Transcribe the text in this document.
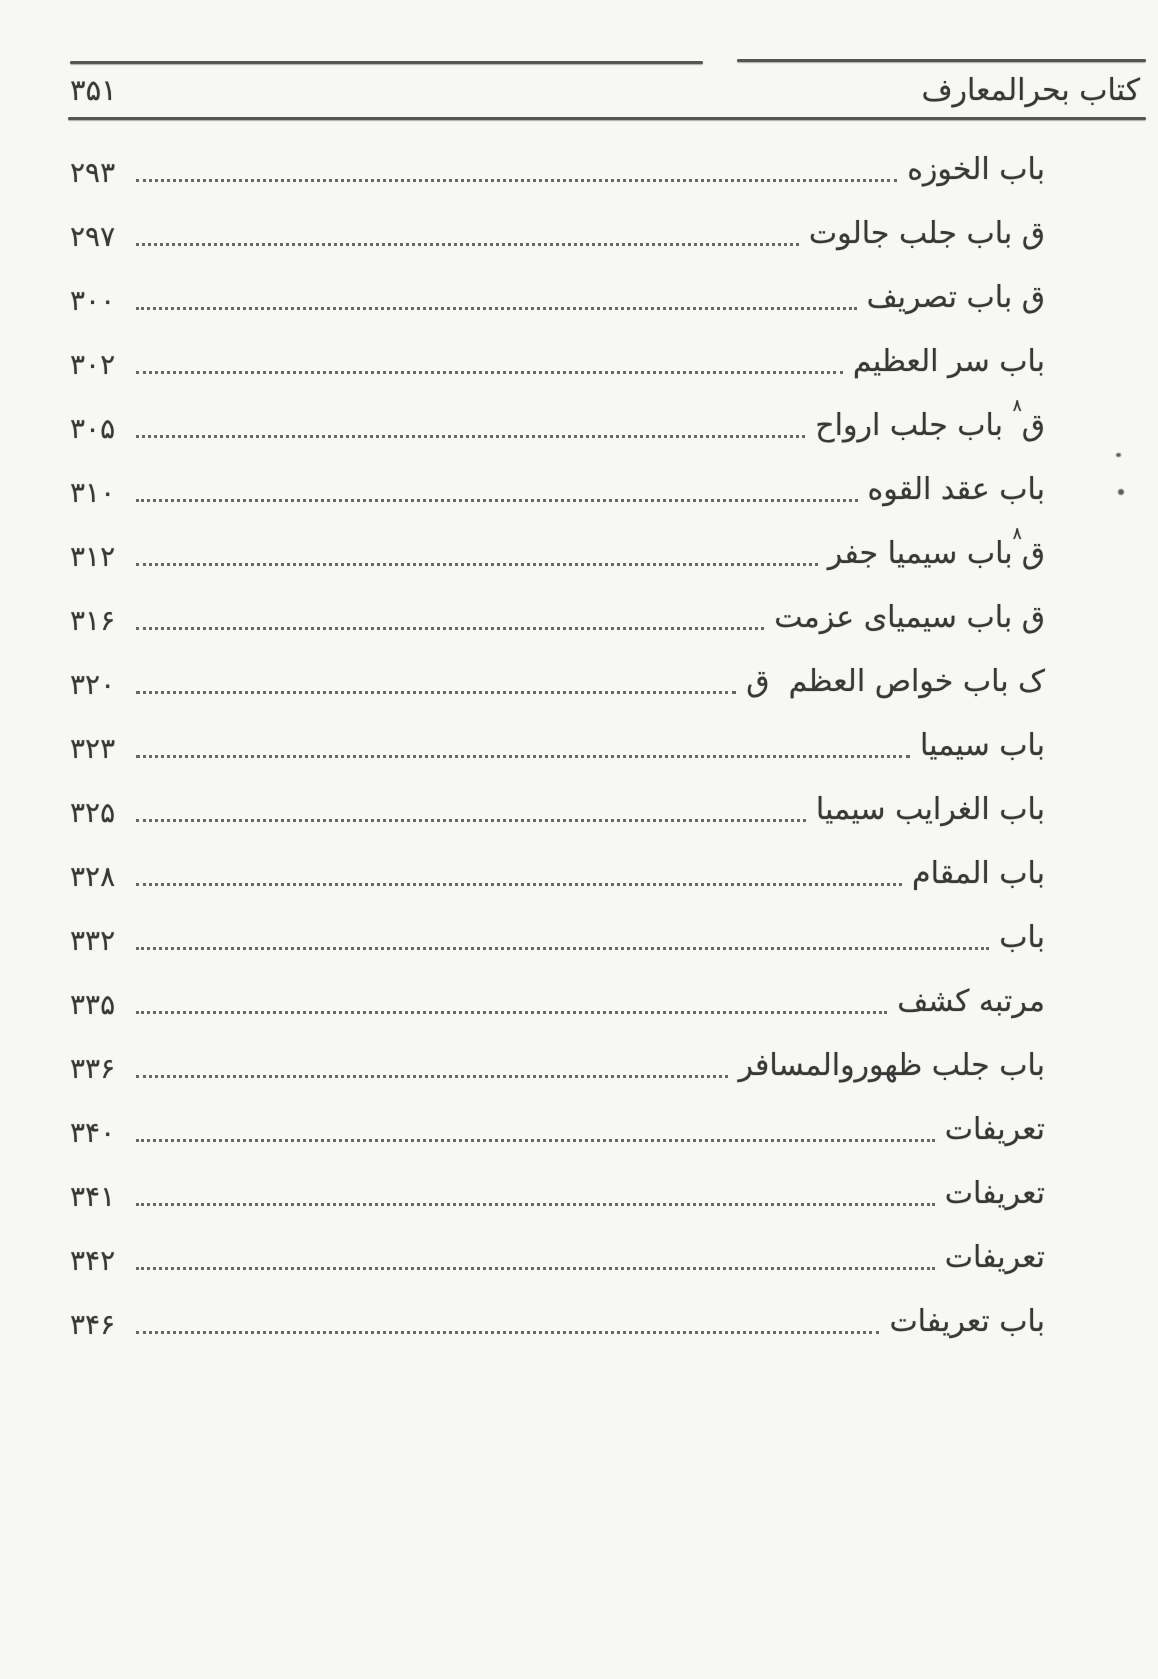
۳۵۱	کتاب بحرالمعارف
۲۹۳	باب الخوزه
۲۹۷	ق باب جلب جالوت
۳۰۰	ق باب تصریف
۳۰۲	باب سر العظیم
۳۰۵	ق$^٨$ باب جلب ارواح
۳۱۰	باب عقد القوه
۳۱۲	ق$^٨$باب سیمیا جفر
۳۱۶	ق باب سیمیای عزمت
۳۲۰	ک باب خواص العظم  ق
۳۲۳	باب سیمیا
۳۲۵	باب الغرایب سیمیا
۳۲۸	باب المقام
۳۳۲	باب
۳۳۵	مرتبه کشف
۳۳۶	باب جلب ظهوروالمسافر
۳۴۰	تعریفات
۳۴۱	تعریفات
۳۴۲	تعریفات
۳۴۶	باب تعریفات
